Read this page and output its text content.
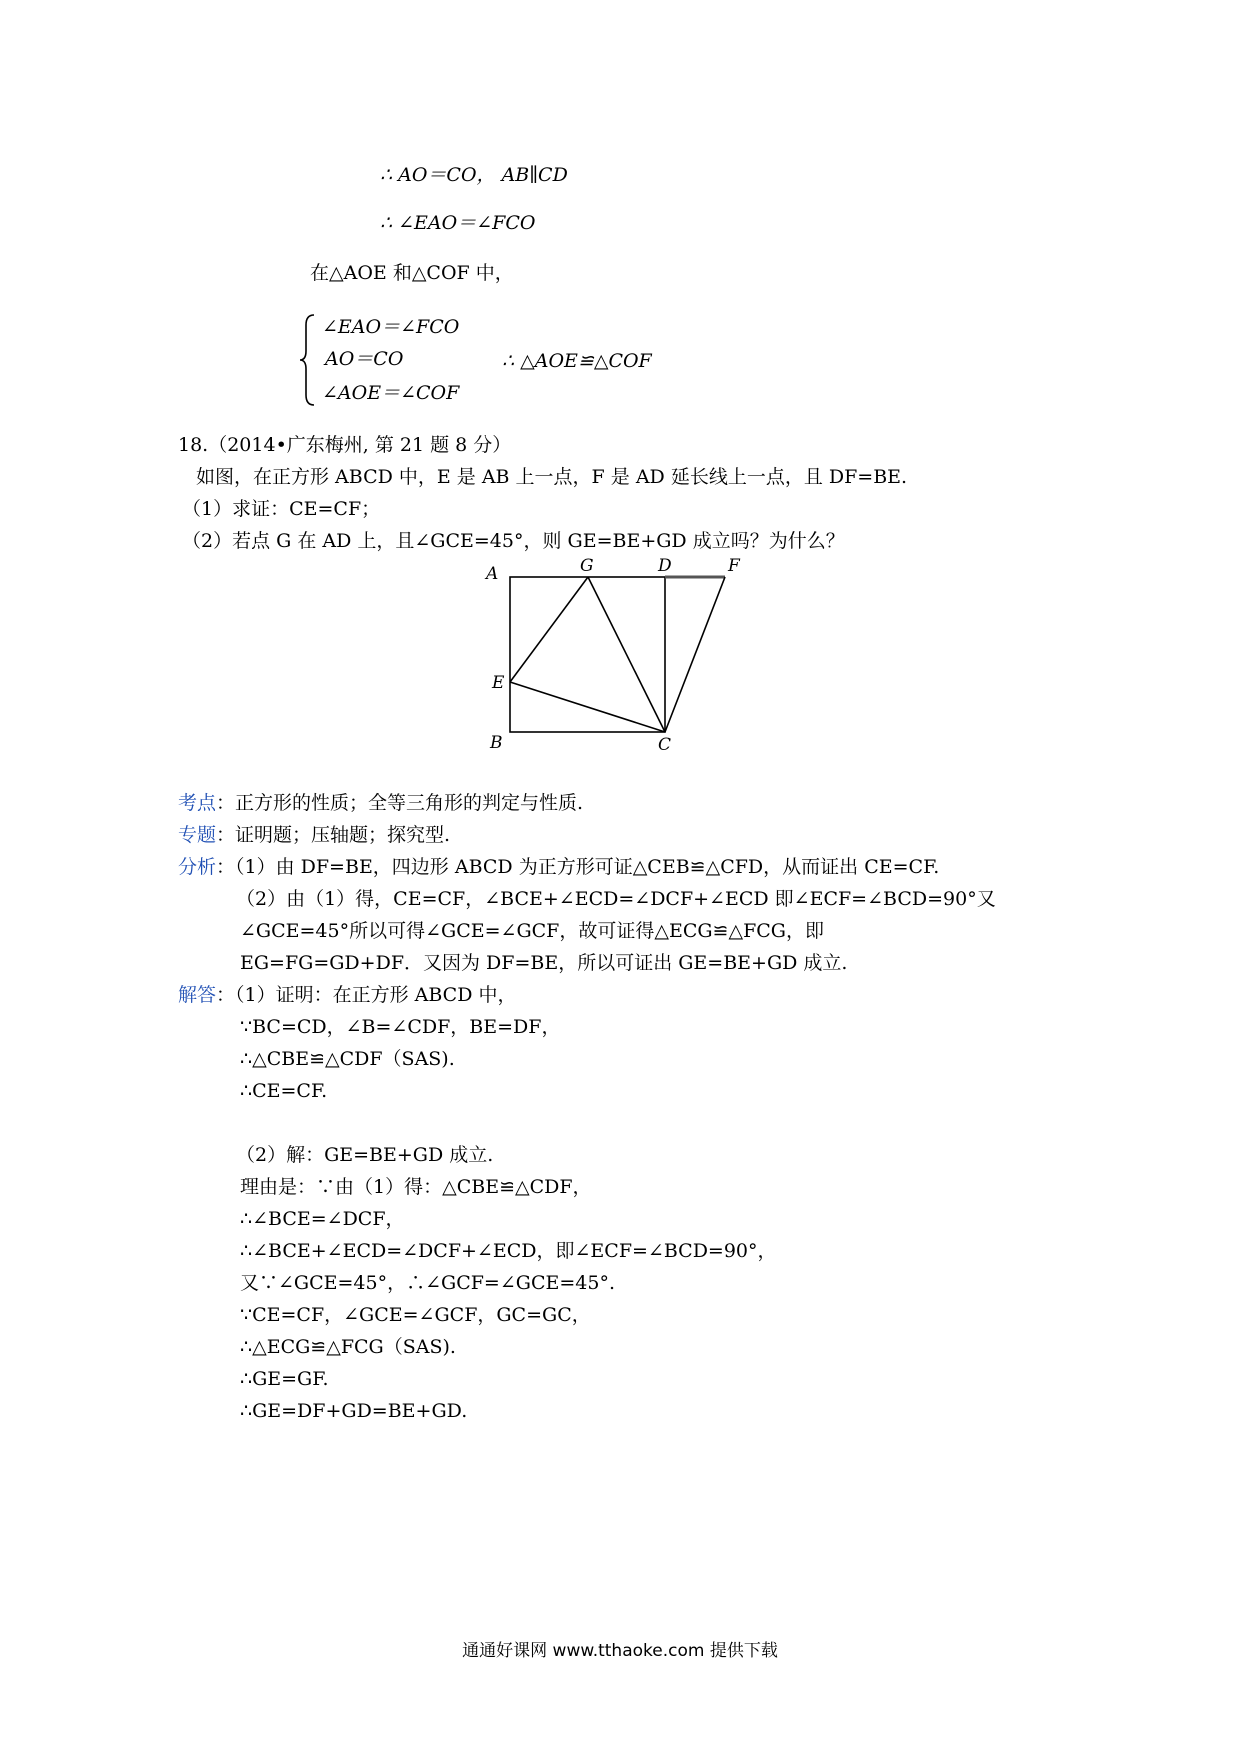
∴ AO＝CO， AB∥CD
∴ ∠EAO＝∠FCO
在△AOE 和△COF 中，
∠EAO＝∠FCO
AO＝CO
∠AOE＝∠COF
∴ △AOE≌△COF
18.（2014•广东梅州, 第 21 题 8 分）
如图，在正方形 ABCD 中，E 是 AB 上一点，F 是 AD 延长线上一点，且 DF=BE.
（1）求证：CE=CF；
（2）若点 G 在 AD 上，且∠GCE=45°，则 GE=BE+GD 成立吗？为什么？
A	G	D	F
E
B	C
考点：正方形的性质；全等三角形的判定与性质.
专题：证明题；压轴题；探究型.
分析：（1）由 DF=BE，四边形 ABCD 为正方形可证△CEB≌△CFD，从而证出 CE=CF.
（2）由（1）得，CE=CF，∠BCE+∠ECD=∠DCF+∠ECD 即∠ECF=∠BCD=90°又
∠GCE=45°所以可得∠GCE=∠GCF，故可证得△ECG≌△FCG，即
EG=FG=GD+DF．又因为 DF=BE，所以可证出 GE=BE+GD 成立.
解答：（1）证明：在正方形 ABCD 中，
∵BC=CD，∠B=∠CDF，BE=DF，
∴△CBE≌△CDF（SAS).
∴CE=CF.
（2）解：GE=BE+GD 成立.
理由是：∵由（1）得：△CBE≌△CDF，
∴∠BCE=∠DCF，
∴∠BCE+∠ECD=∠DCF+∠ECD，即∠ECF=∠BCD=90°，
又∵∠GCE=45°，∴∠GCF=∠GCE=45°.
∵CE=CF，∠GCE=∠GCF，GC=GC，
∴△ECG≌△FCG（SAS).
∴GE=GF.
∴GE=DF+GD=BE+GD.
通通好课网 www.tthaoke.com 提供下载
